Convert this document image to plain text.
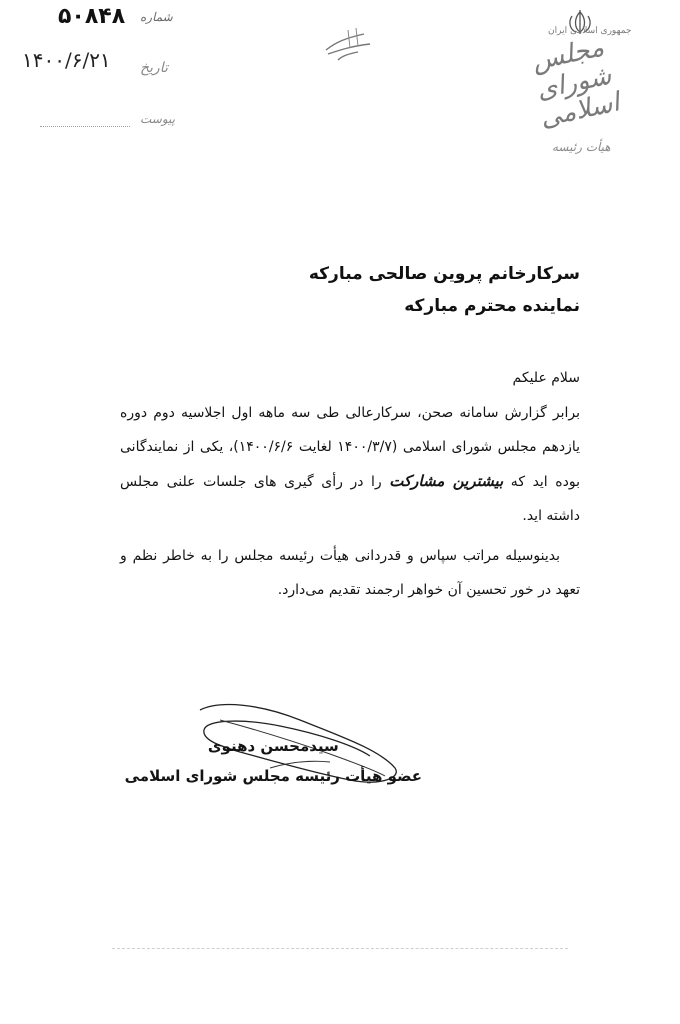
۵۰۸۴۸ شماره
۱۴۰۰/۶/۲۱ تاریخ
پیوست
جمهوری اسلامی ایران
مجلس شورای اسلامی
هیأت رئیسه
سرکارخانم پروین صالحی مبارکه
نماینده محترم مبارکه

سلام علیکم

برابر گزارش سامانه صحن، سرکارعالی طی سه ماهه اول اجلاسیه دوم دوره یازدهم مجلس شورای اسلامی (۱۴۰۰/۳/۷ لغایت ۱۴۰۰/۶/۶)، یکی از نمایندگانی بوده اید که بیشترین مشارکت را در رأی گیری های جلسات علنی مجلس داشته اید.

بدینوسیله مراتب سپاس و قدردانی هیأت رئیسه مجلس را به خاطر نظم و تعهد در خور تحسین آن خواهر ارجمند تقدیم می‌دارد.

سیدمحسن دهنوی
عضو هیأت رئیسه مجلس شورای اسلامی
